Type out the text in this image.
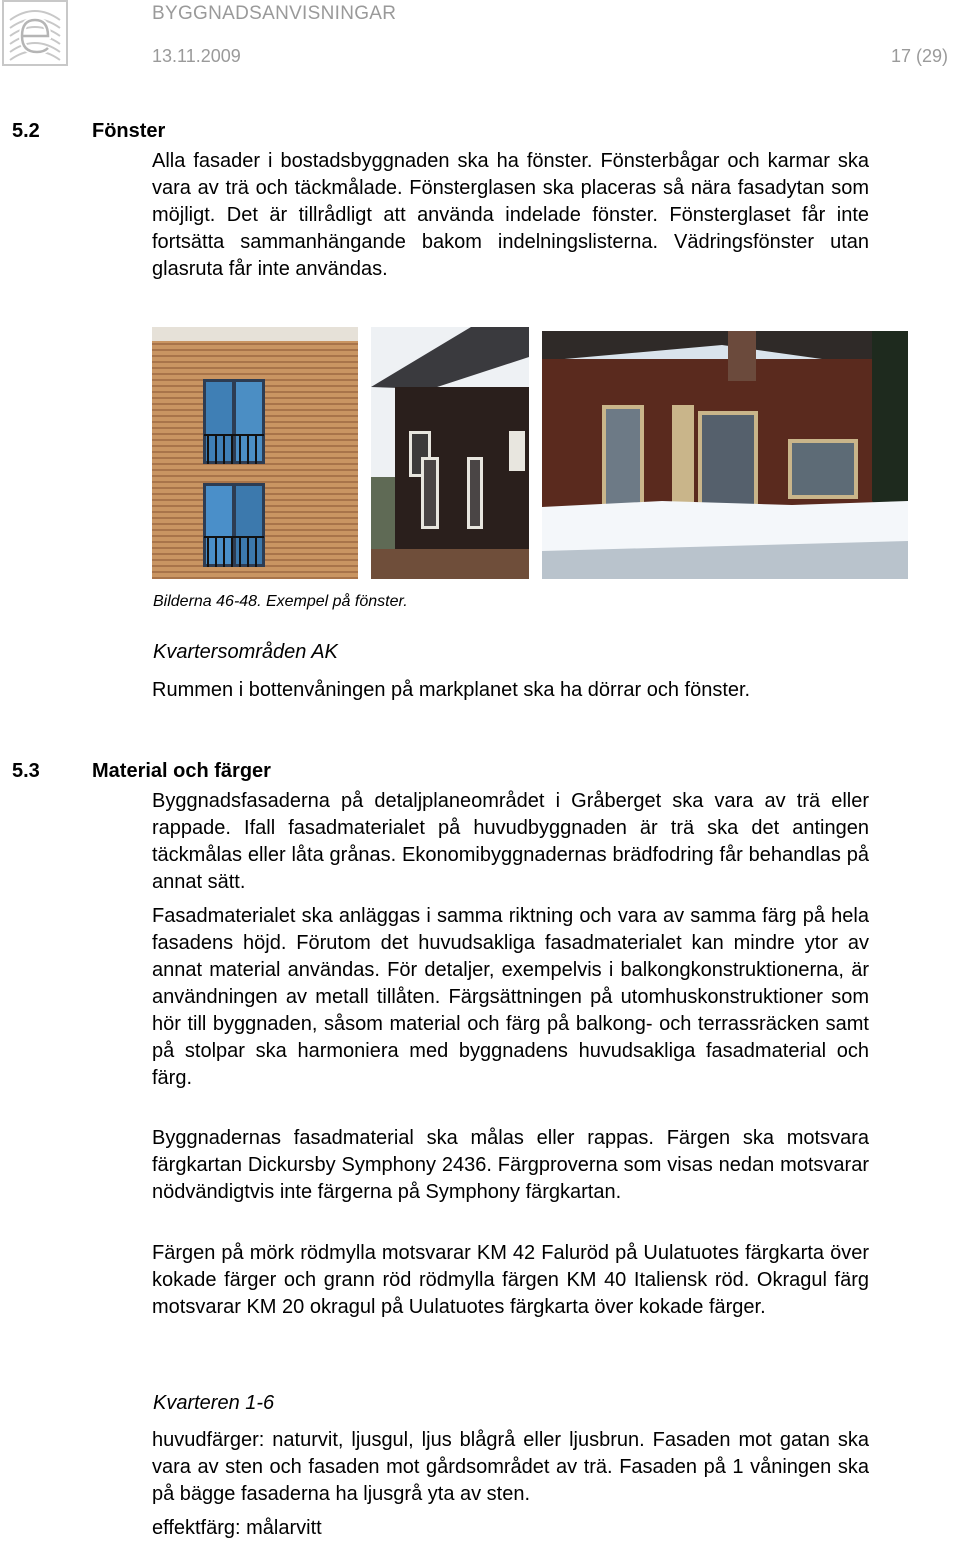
BYGGNADSANVISNINGAR
13.11.2009	17 (29)
5.2	Fönster

Alla fasader i bostadsbyggnaden ska ha fönster. Fönsterbågar och karmar ska vara av trä och täckmålade. Fönsterglasen ska placeras så nära fasadytan som möjligt. Det är tillrådligt att använda indelade fönster. Fönsterglaset får inte fortsätta sammanhängande bakom indelningslisterna. Vädringsfönster utan glasruta får inte användas.

Bilderna 46-48. Exempel på fönster.
Kvartersområden AK

Rummen i bottenvåningen på markplanet ska ha dörrar och fönster.

5.3	Material och färger

Byggnadsfasaderna på detaljplaneområdet i Gråberget ska vara av trä eller rappade. Ifall fasadmaterialet på huvudbyggnaden är trä ska det antingen täckmålas eller låta grånas. Ekonomibyggnadernas brädfodring får behandlas på annat sätt.

Fasadmaterialet ska anläggas i samma riktning och vara av samma färg på hela fasadens höjd. Förutom det huvudsakliga fasadmaterialet kan mindre ytor av annat material användas. För detaljer, exempelvis i balkongkonstruktionerna, är användningen av metall tillåten. Färgsättningen på utomhuskonstruktioner som hör till byggnaden, såsom material och färg på balkong- och terrassräcken samt på stolpar ska harmoniera med byggnadens huvudsakliga fasadmaterial och färg.

Byggnadernas fasadmaterial ska målas eller rappas. Färgen ska motsvara färgkartan Dickursby Symphony 2436. Färgproverna som visas nedan motsvarar nödvändigtvis inte färgerna på Symphony färgkartan.

Färgen på mörk rödmylla motsvarar KM 42 Faluröd på Uulatuotes färgkarta över kokade färger och grann röd rödmylla färgen KM 40 Italiensk röd. Okragul färg motsvarar KM 20 okragul på Uulatuotes färgkarta över kokade färger.

Kvarteren 1-6

huvudfärger: naturvit, ljusgul, ljus blågrå eller ljusbrun. Fasaden mot gatan ska vara av sten och fasaden mot gårdsområdet av trä. Fasaden på 1 våningen ska på bägge fasaderna ha ljusgrå yta av sten.

effektfärg: målarvitt
